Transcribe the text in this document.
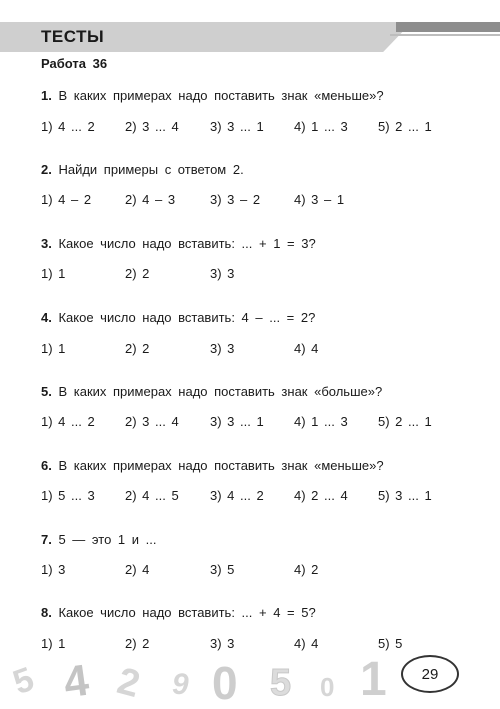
ТЕСТЫ
Работа 36
1. В каких примерах надо поставить знак «меньше»?
1) 4 ... 2 2) 3 ... 4 3) 3 ... 1 4) 1 ... 3 5) 2 ... 1
2. Найди примеры с ответом 2.
1) 4 – 2	2) 4 – 3	3) 3 – 2	4) 3 – 1
3. Какое число надо вставить: ... + 1 = 3?
1) 1	2) 2	3) 3
4. Какое число надо вставить: 4 – ... = 2?
1) 1	2) 2	3) 3	4) 4
5. В каких примерах надо поставить знак «больше»?
1) 4 ... 2 2) 3 ... 4 3) 3 ... 1 4) 1 ... 3 5) 2 ... 1
6. В каких примерах надо поставить знак «меньше»?
1) 5 ... 3 2) 4 ... 5 3) 4 ... 2 4) 2 ... 4 5) 3 ... 1
7. 5 — это 1 и ...
1) 3	2) 4	3) 5	4) 2
8. Какое число надо вставить: ... + 4 = 5?
1) 1	2) 2	3) 3	4) 4	5) 5
5 4 2 9 0 5 0 1 29
